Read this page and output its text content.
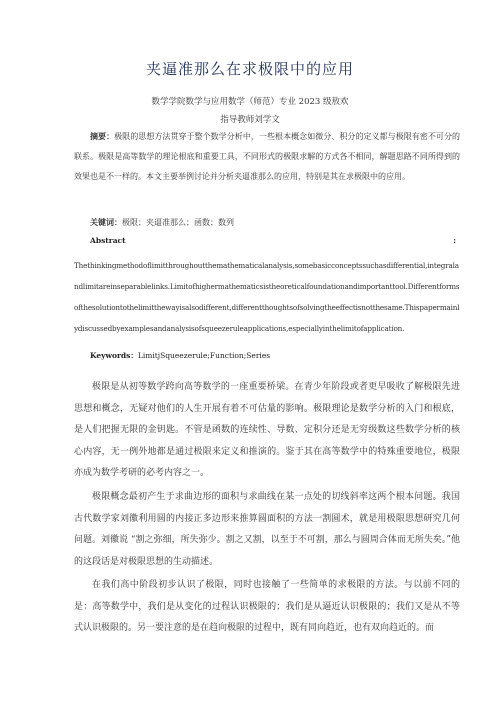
夹逼准那么在求极限中的应用
数学学院数学与应用数学（师范）专业 2023 级敖欢
指导教师刘学文
摘要：极限的思想方法贯穿于整个数学分析中，一些根本概念如微分、积分的定义都与极限有密不可分的联系。极限是高等数学的理论根底和重要工具，不同形式的极限求解的方式各不相同，解题思路不同所得到的效果也是不一样的。本文主要举例讨论并分析夹逼准那么的应用，特别是其在求极限中的应用。
关键词：极限；夹逼准那么；函数；数列
Abstract	:
Thethinkingmethodoflimitthroughoutthemathematicalanalysis,somebasicconceptssuchasdifferential,integralandlimitareinseparablelinks.Limitofhighermathematicsistheoreticalfoundationandimportanttool.Differentformsofthesolutiontothelimitthewayisalsodifferent,differentthoughtsofsolvingtheeffectisnotthesame.Thispapermainlydiscussedbyexamplesandanalysisofsqueezeruleapplications,especiallyinthelimitofapplication.
Keywords：LimitjSqueezerule;Function;Series
极限是从初等数学跨向高等数学的一座重要桥梁。在青少年阶段或者更早吸收了解极限先进思想和概念，无疑对他们的人生开展有着不可估量的影响。极限理论是数学分析的入门和根底，是人们把握无限的金钥匙。不管是函数的连续性、导数、定积分还是无穷级数这些数学分析的核心内容，无一例外地都是通过极限来定义和推演的。鉴于其在高等数学中的特殊重要地位，极限亦成为数学考研的必考内容之一。
极限概念最初产生于求曲边形的面积与求曲线在某一点处的切线斜率这两个根本问题。我国古代数学家刘徽利用圆的内接正多边形来推算圆面积的方法一割圆术，就是用极限思想研究几何问题。刘徽说 “割之弥细，所失弥少。割之又割，以至于不可割，那么与圆周合体而无所失矣。”他的这段话是对极限思想的生动描述。
在我们高中阶段初步认识了极限，同时也接触了一些简单的求极限的方法。与以前不同的是：高等数学中，我们是从变化的过程认识极限的；我们是从逼近认识极限的；我们又是从不等式认识极限的。另一要注意的是在趋向极限的过程中，既有同向趋近，也有双向趋近的。而
